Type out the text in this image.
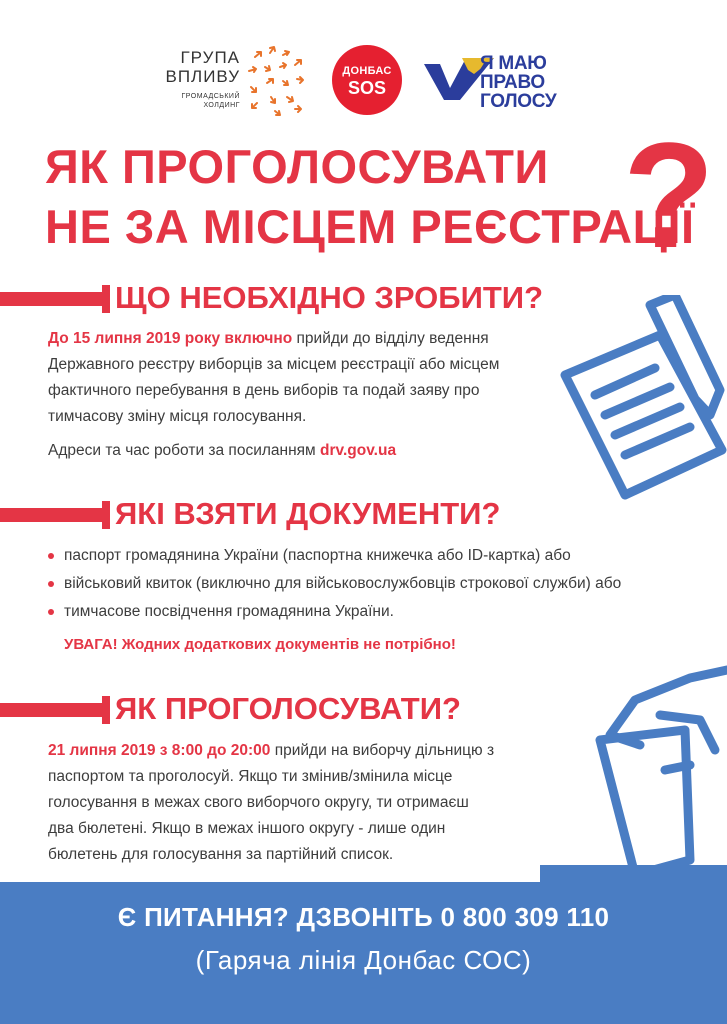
ГРУПА
ВПЛИВУ
ГРОМАДСЬКИЙ
ХОЛДИНГ
ДОНБАС
SOS
Я МАЮ
ПРАВО
ГОЛОСУ
ЯК ПРОГОЛОСУВАТИ
НЕ ЗА МІСЦЕМ РЕЄСТРАЦІЇ
?
ЩО НЕОБХІДНО ЗРОБИТИ?
До 15 липня 2019 року включно прийди до відділу ведення
Державного реєстру виборців за місцем реєстрації або місцем
фактичного перебування в день виборів та подай заяву про
тимчасову зміну місця голосування.
Адреси та час роботи за посиланням drv.gov.ua
ЯКІ ВЗЯТИ ДОКУМЕНТИ?
паспорт громадянина України (паспортна книжечка або ID-картка) або
військовий квиток (виключно для військовослужбовців строкової служби) або
тимчасове посвідчення громадянина України.
УВАГА! Жодних додаткових документів не потрібно!
ЯК ПРОГОЛОСУВАТИ?
21 липня 2019 з 8:00 до 20:00 прийди на виборчу дільницю з
паспортом та проголосуй. Якщо ти змінив/змінила місце
голосування в межах свого виборчого округу, ти отримаєш
два бюлетені. Якщо в межах іншого округу - лише один
бюлетень для голосування за партійний список.
Є ПИТАННЯ? ДЗВОНІТЬ 0 800 309 110
(Гаряча лінія Донбас СОС)
